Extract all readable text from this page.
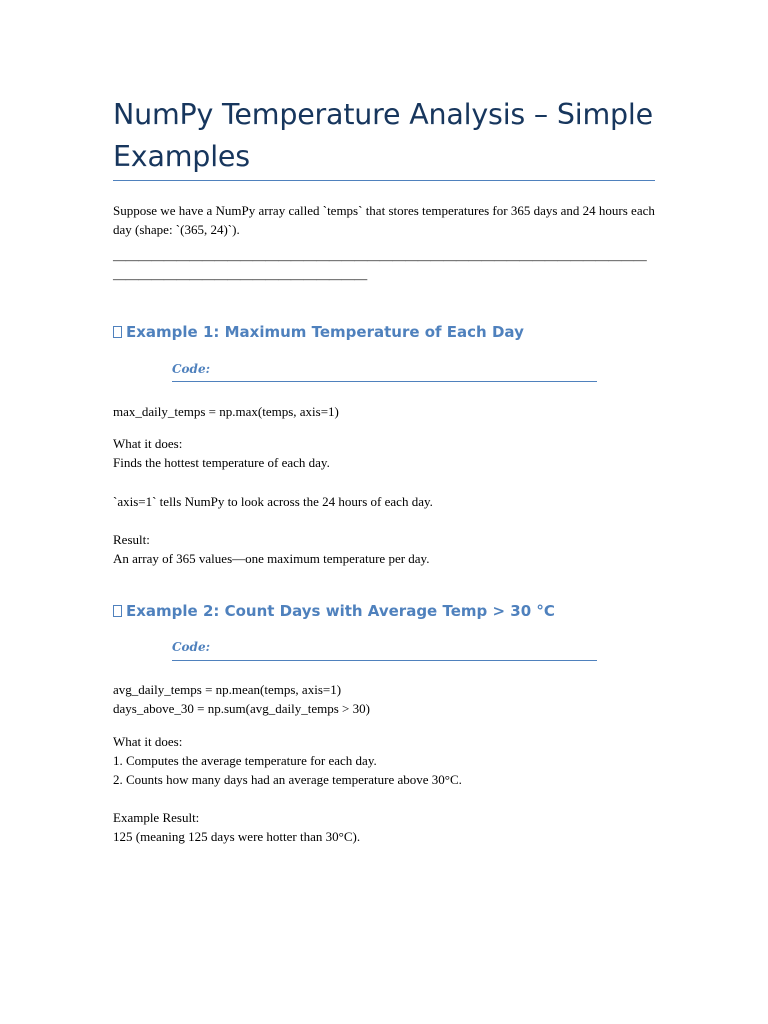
NumPy Temperature Analysis – Simple Examples

Suppose we have a NumPy array called `temps` that stores temperatures for 365 days and 24 hours each day (shape: `(365, 24)`).

——————————————————————————————————————————————————————————————

Example 1: Maximum Temperature of Each Day

Code:

max_daily_temps = np.max(temps, axis=1)

What it does:
Finds the hottest temperature of each day.

`axis=1` tells NumPy to look across the 24 hours of each day.

Result:
An array of 365 values—one maximum temperature per day.

Example 2: Count Days with Average Temp > 30 °C

Code:

avg_daily_temps = np.mean(temps, axis=1)
days_above_30 = np.sum(avg_daily_temps > 30)

What it does:
1. Computes the average temperature for each day.
2. Counts how many days had an average temperature above 30°C.

Example Result:
125 (meaning 125 days were hotter than 30°C).
